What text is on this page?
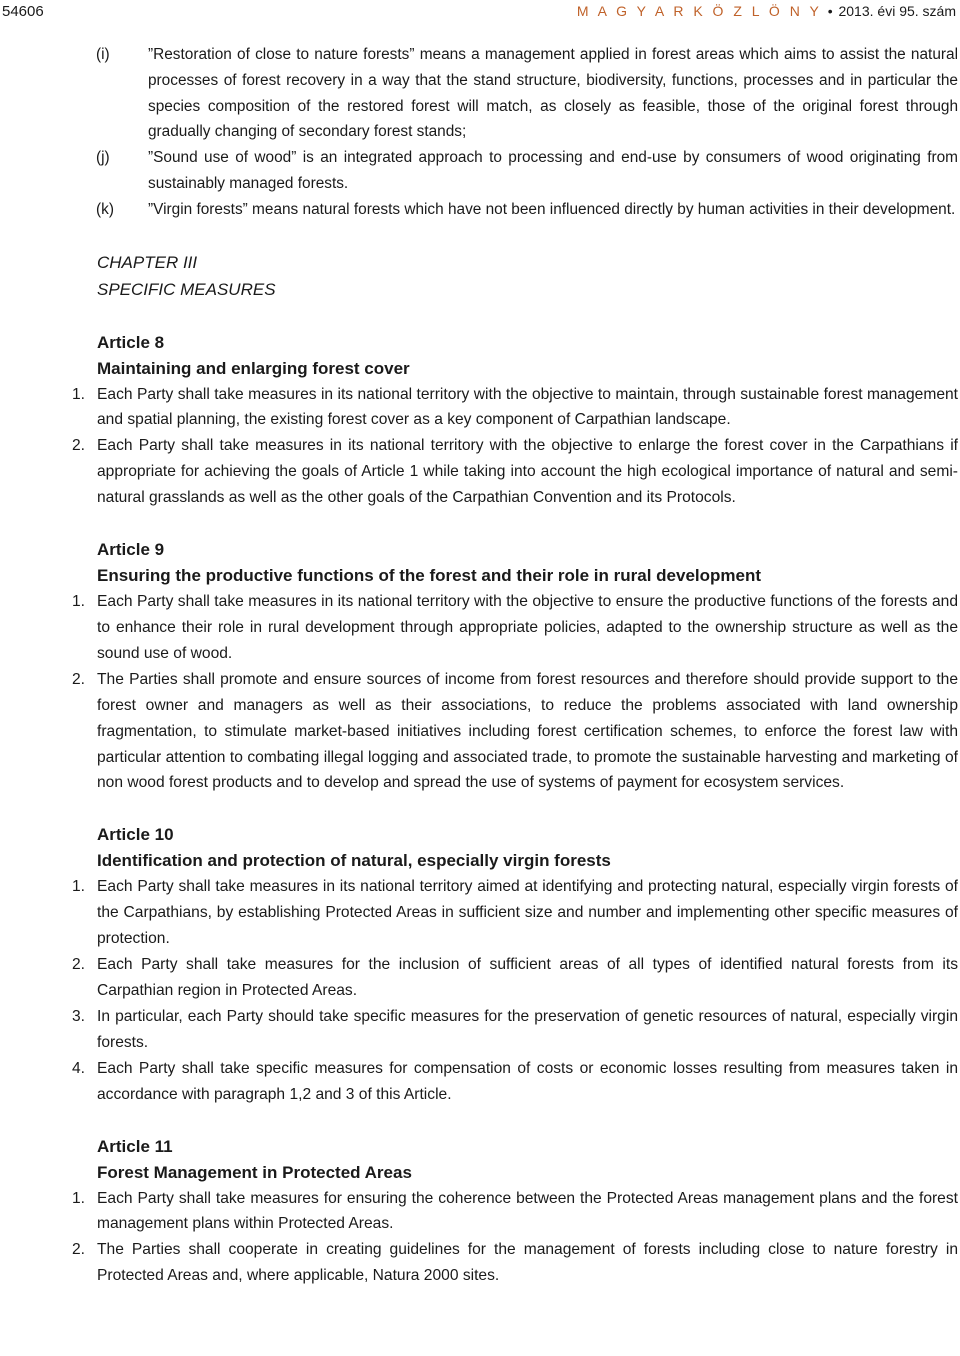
54606	M A G Y A R K Ö Z L Ö N Y • 2013. évi 95. szám
(i) ”Restoration of close to nature forests” means a management applied in forest areas which aims to assist the natural processes of forest recovery in a way that the stand structure, biodiversity, functions, processes and in particular the species composition of the restored forest will match, as closely as feasible, those of the original forest through gradually changing of secondary forest stands;
(j) ”Sound use of wood” is an integrated approach to processing and end-use by consumers of wood originating from sustainably managed forests.
(k) ”Virgin forests” means natural forests which have not been influenced directly by human activities in their development.
CHAPTER III
SPECIFIC MEASURES
Article 8
Maintaining and enlarging forest cover
1. Each Party shall take measures in its national territory with the objective to maintain, through sustainable forest management and spatial planning, the existing forest cover as a key component of Carpathian landscape.
2. Each Party shall take measures in its national territory with the objective to enlarge the forest cover in the Carpathians if appropriate for achieving the goals of Article 1 while taking into account the high ecological importance of natural and semi-natural grasslands as well as the other goals of the Carpathian Convention and its Protocols.
Article 9
Ensuring the productive functions of the forest and their role in rural development
1. Each Party shall take measures in its national territory with the objective to ensure the productive functions of the forests and to enhance their role in rural development through appropriate policies, adapted to the ownership structure as well as the sound use of wood.
2. The Parties shall promote and ensure sources of income from forest resources and therefore should provide support to the forest owner and managers as well as their associations, to reduce the problems associated with land ownership fragmentation, to stimulate market-based initiatives including forest certification schemes, to enforce the forest law with particular attention to combating illegal logging and associated trade, to promote the sustainable harvesting and marketing of non wood forest products and to develop and spread the use of systems of payment for ecosystem services.
Article 10
Identification and protection of natural, especially virgin forests
1. Each Party shall take measures in its national territory aimed at identifying and protecting natural, especially virgin forests of the Carpathians, by establishing Protected Areas in sufficient size and number and implementing other specific measures of protection.
2. Each Party shall take measures for the inclusion of sufficient areas of all types of identified natural forests from its Carpathian region in Protected Areas.
3. In particular, each Party should take specific measures for the preservation of genetic resources of natural, especially virgin forests.
4. Each Party shall take specific measures for compensation of costs or economic losses resulting from measures taken in accordance with paragraph 1,2 and 3 of this Article.
Article 11
Forest Management in Protected Areas
1. Each Party shall take measures for ensuring the coherence between the Protected Areas management plans and the forest management plans within Protected Areas.
2. The Parties shall cooperate in creating guidelines for the management of forests including close to nature forestry in Protected Areas and, where applicable, Natura 2000 sites.
